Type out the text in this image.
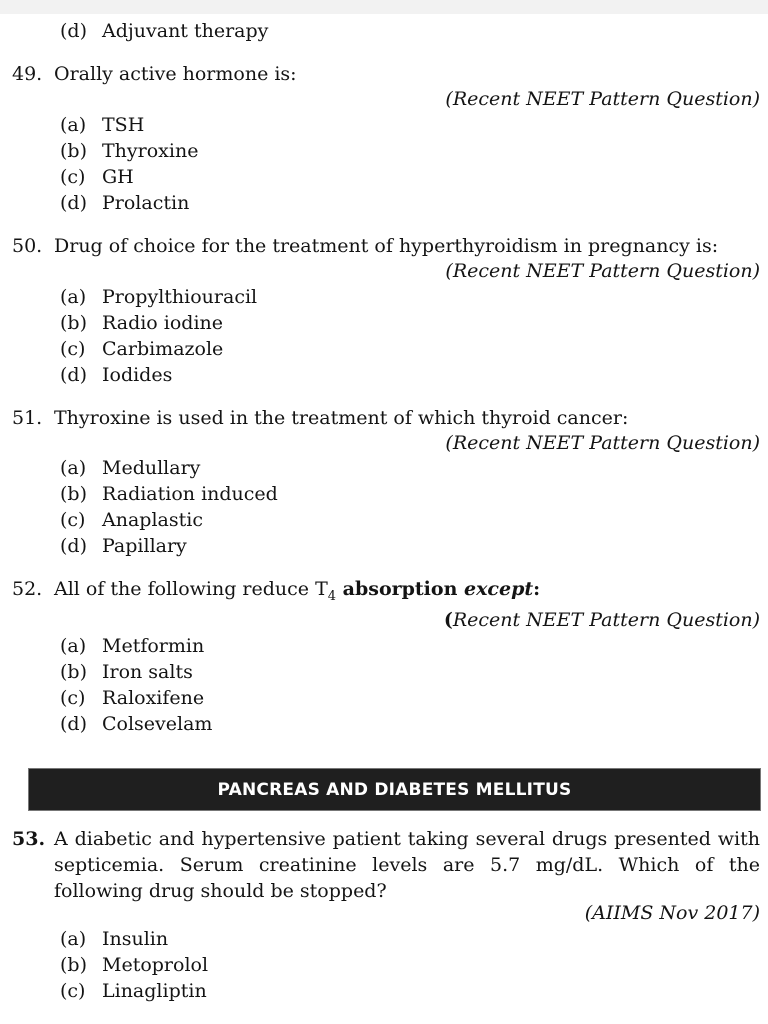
(d) Adjuvant therapy
49. Orally active hormone is:
(Recent NEET Pattern Question)
(a) TSH
(b) Thyroxine
(c) GH
(d) Prolactin
50. Drug of choice for the treatment of hyperthyroidism in pregnancy is:
(Recent NEET Pattern Question)
(a) Propylthiouracil
(b) Radio iodine
(c) Carbimazole
(d) Iodides
51. Thyroxine is used in the treatment of which thyroid cancer:
(Recent NEET Pattern Question)
(a) Medullary
(b) Radiation induced
(c) Anaplastic
(d) Papillary
52. All of the following reduce $T_4$ absorption except:
(Recent NEET Pattern Question)
(a) Metformin
(b) Iron salts
(c) Raloxifene
(d) Colsevelam
PANCREAS AND DIABETES MELLITUS
53. A diabetic and hypertensive patient taking several drugs presented with septicemia. Serum creatinine levels are 5.7 mg/dL. Which of the following drug should be stopped?
(AIIMS Nov 2017)
(a) Insulin
(b) Metoprolol
(c) Linagliptin
